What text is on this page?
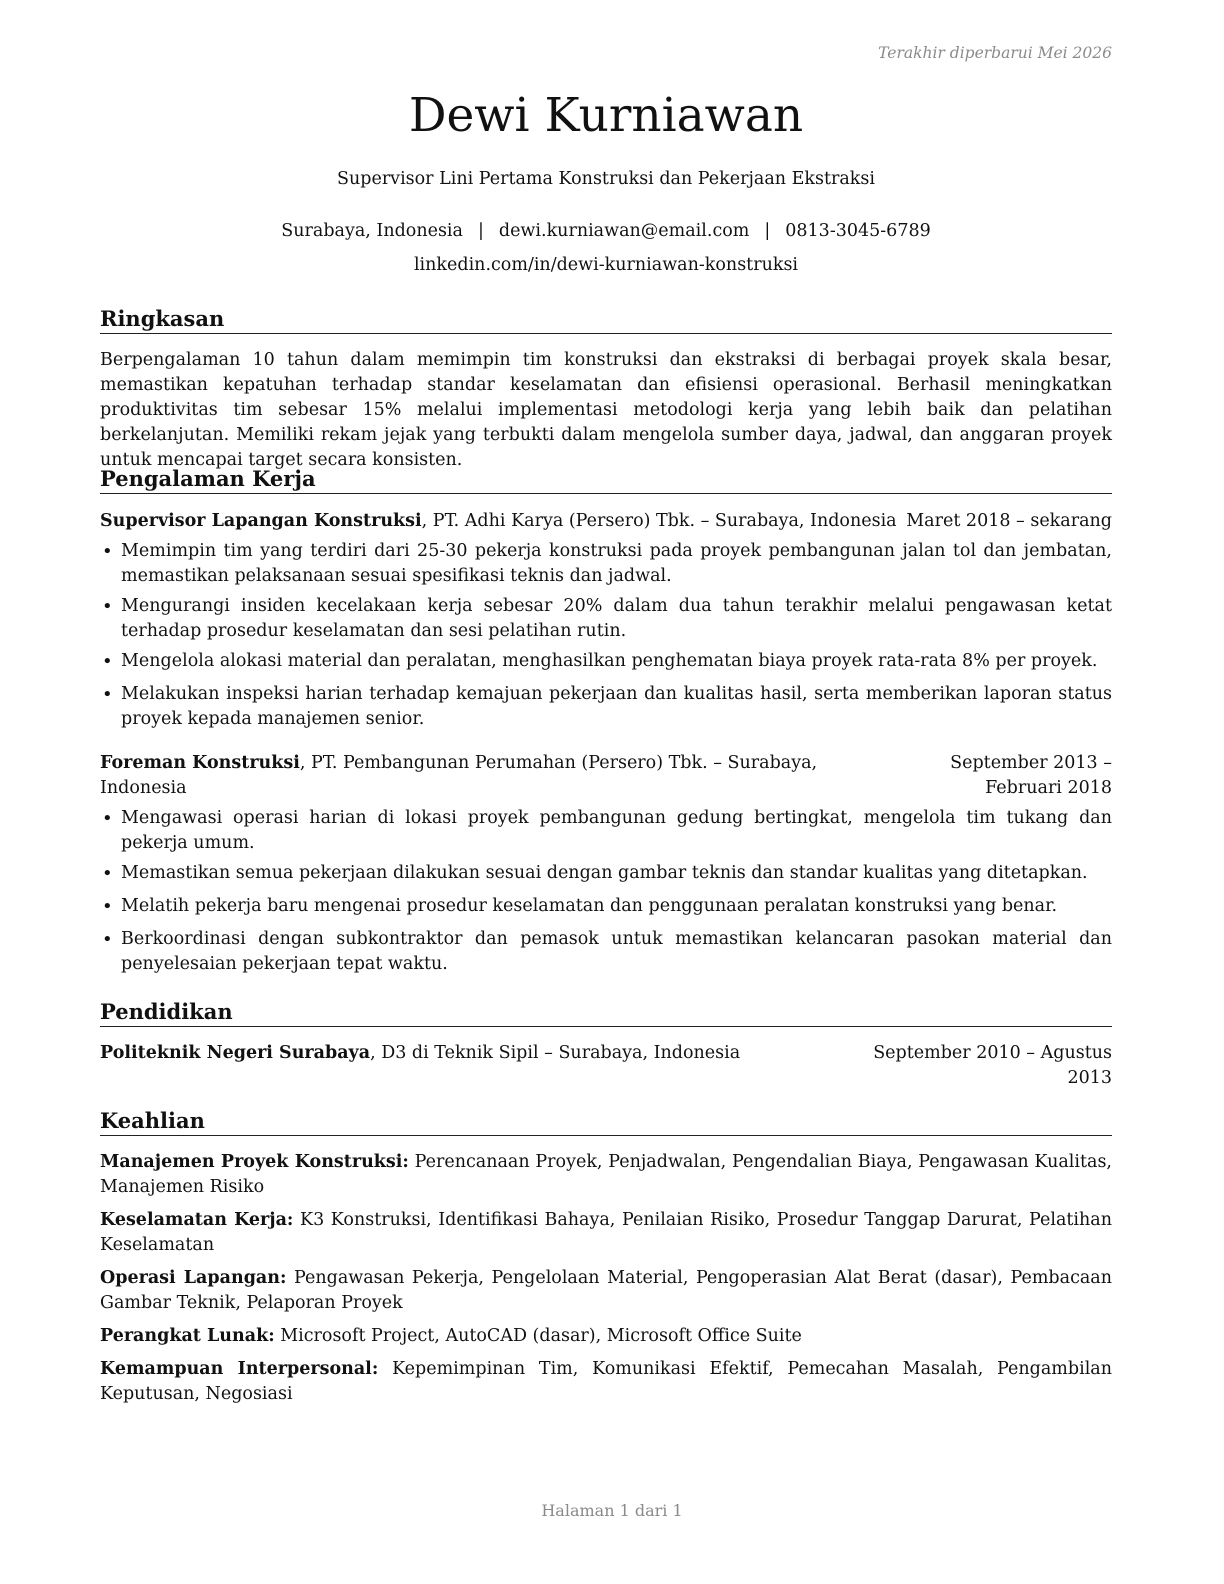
Terakhir diperbarui Mei 2026
Dewi Kurniawan
Supervisor Lini Pertama Konstruksi dan Pekerjaan Ekstraksi
Surabaya, Indonesia | dewi.kurniawan@email.com | 0813-3045-6789
linkedin.com/in/dewi-kurniawan-konstruksi
Ringkasan

Berpengalaman 10 tahun dalam memimpin tim konstruksi dan ekstraksi di berbagai proyek skala besar, memastikan kepatuhan terhadap standar keselamatan dan efisiensi operasional. Berhasil meningkatkan produktivitas tim sebesar 15% melalui implementasi metodologi kerja yang lebih baik dan pelatihan berkelanjutan. Memiliki rekam jejak yang terbukti dalam mengelola sumber daya, jadwal, dan anggaran proyek untuk mencapai target secara konsisten.

Pengalaman Kerja
Supervisor Lapangan Konstruksi, PT. Adhi Karya (Persero) Tbk. – Surabaya, Indonesia Maret 2018 – sekarang
• Memimpin tim yang terdiri dari 25-30 pekerja konstruksi pada proyek pembangunan jalan tol dan jembatan, memastikan pelaksanaan sesuai spesifikasi teknis dan jadwal.
• Mengurangi insiden kecelakaan kerja sebesar 20% dalam dua tahun terakhir melalui pengawasan ketat terhadap prosedur keselamatan dan sesi pelatihan rutin.
• Mengelola alokasi material dan peralatan, menghasilkan penghematan biaya proyek rata-rata 8% per proyek.
• Melakukan inspeksi harian terhadap kemajuan pekerjaan dan kualitas hasil, serta memberikan laporan status proyek kepada manajemen senior.
Foreman Konstruksi, PT. Pembangunan Perumahan (Persero) Tbk. – Surabaya, Indonesia
September 2013 – Februari 2018
• Mengawasi operasi harian di lokasi proyek pembangunan gedung bertingkat, mengelola tim tukang dan pekerja umum.
• Memastikan semua pekerjaan dilakukan sesuai dengan gambar teknis dan standar kualitas yang ditetapkan.
• Melatih pekerja baru mengenai prosedur keselamatan dan penggunaan peralatan konstruksi yang benar.
• Berkoordinasi dengan subkontraktor dan pemasok untuk memastikan kelancaran pasokan material dan penyelesaian pekerjaan tepat waktu.
Pendidikan
Politeknik Negeri Surabaya, D3 di Teknik Sipil – Surabaya, Indonesia	September 2010 – Agustus 2013
Keahlian
Manajemen Proyek Konstruksi: Perencanaan Proyek, Penjadwalan, Pengendalian Biaya, Pengawasan Kualitas, Manajemen Risiko
Keselamatan Kerja: K3 Konstruksi, Identifikasi Bahaya, Penilaian Risiko, Prosedur Tanggap Darurat, Pelatihan Keselamatan
Operasi Lapangan: Pengawasan Pekerja, Pengelolaan Material, Pengoperasian Alat Berat (dasar), Pembacaan Gambar Teknik, Pelaporan Proyek
Perangkat Lunak: Microsoft Project, AutoCAD (dasar), Microsoft Office Suite
Kemampuan Interpersonal: Kepemimpinan Tim, Komunikasi Efektif, Pemecahan Masalah, Pengambilan Keputusan, Negosiasi
Halaman 1 dari 1
